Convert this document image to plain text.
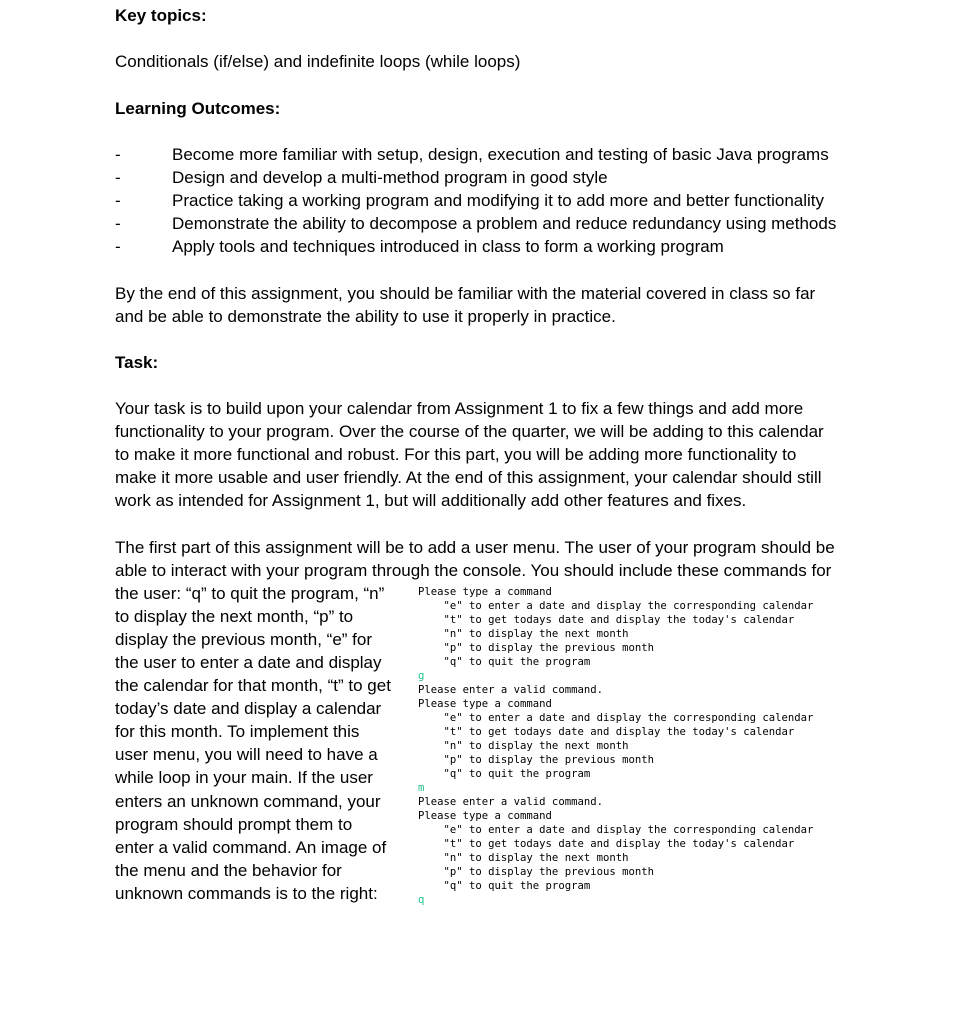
Key topics:

Conditionals (if/else) and indefinite loops (while loops)

Learning Outcomes:

-	Become more familiar with setup, design, execution and testing of basic Java programs
-	Design and develop a multi-method program in good style
-	Practice taking a working program and modifying it to add more and better functionality
-	Demonstrate the ability to decompose a problem and reduce redundancy using methods
-	Apply tools and techniques introduced in class to form a working program

By the end of this assignment, you should be familiar with the material covered in class so far

and be able to demonstrate the ability to use it properly in practice.

Task:

Your task is to build upon your calendar from Assignment 1 to fix a few things and add more

functionality to your program. Over the course of the quarter, we will be adding to this calendar

to make it more functional and robust. For this part, you will be adding more functionality to

make it more usable and user friendly. At the end of this assignment, your calendar should still

work as intended for Assignment 1, but will additionally add other features and fixes.

The first part of this assignment will be to add a user menu. The user of your program should be

able to interact with your program through the console. You should include these commands for

the user: “q” to quit the program, “n”

to display the next month, “p” to

display the previous month, “e” for

the user to enter a date and display

the calendar for that month, “t” to get

today’s date and display a calendar

for this month. To implement this

user menu, you will need to have a

while loop in your main. If the user

enters an unknown command, your

program should prompt them to

enter a valid command. An image of

the menu and the behavior for

unknown commands is to the right:

Please type a command
"e" to enter a date and display the corresponding calendar
"t" to get todays date and display the today's calendar
"n" to display the next month
"p" to display the previous month
"q" to quit the program
g
Please enter a valid command.
Please type a command
"e" to enter a date and display the corresponding calendar
"t" to get todays date and display the today's calendar
"n" to display the next month
"p" to display the previous month
"q" to quit the program
m
Please enter a valid command.
Please type a command
"e" to enter a date and display the corresponding calendar
"t" to get todays date and display the today's calendar
"n" to display the next month
"p" to display the previous month
"q" to quit the program
q
